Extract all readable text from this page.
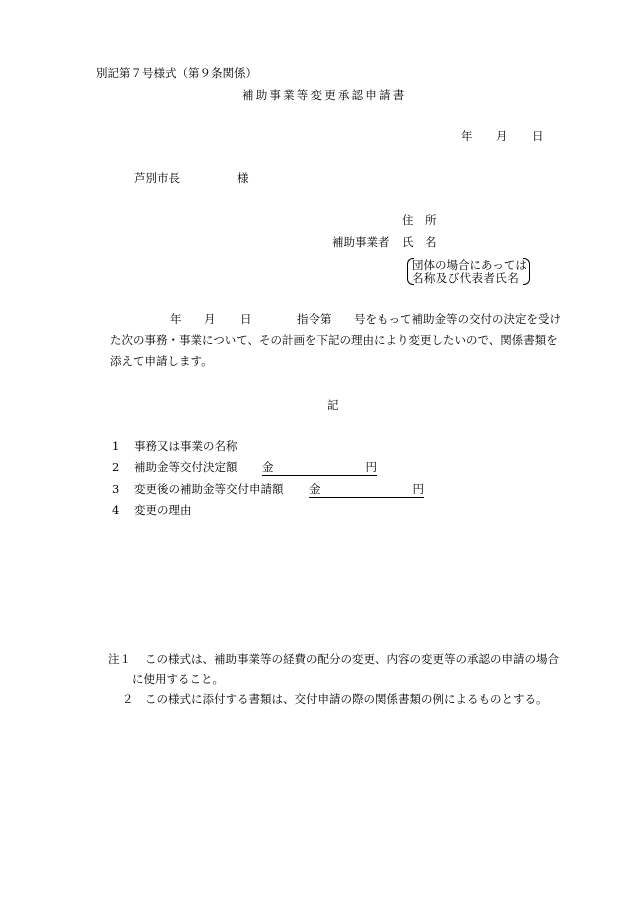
別記第７号様式（第９条関係）
補助事業等変更承認申請書
年 月 日
芦別市長	様
住　所
補助事業者 氏　名
団体の場合にあっては
名称及び代表者氏名
年 月 日	指令第 号をもって補助金等の交付の決定を受け
た次の事務・事業について、その計画を下記の理由により変更したいので、関係書類を
添えて申請します。
記
1 事務又は事業の名称
2 補助金等交付決定額 金	円
3 変更後の補助金等交付申請額 金	円
4 変更の理由
注１ この様式は、補助事業等の経費の配分の変更、内容の変更等の承認の申請の場合
に使用すること。
２ この様式に添付する書類は、交付申請の際の関係書類の例によるものとする。
